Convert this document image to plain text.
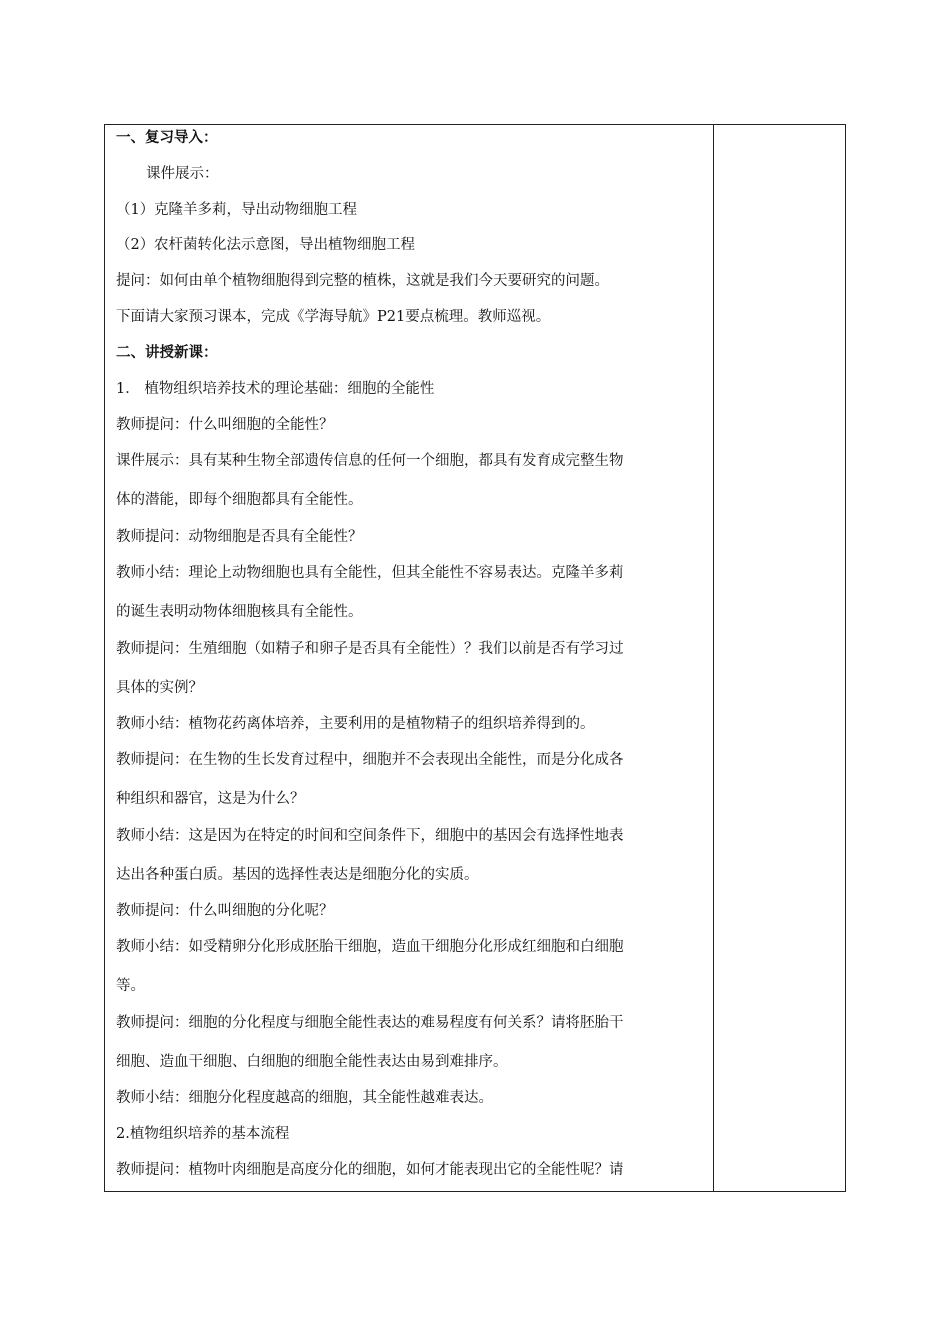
一、复习导入：
课件展示：
（1）克隆羊多莉，导出动物细胞工程
（2）农杆菌转化法示意图，导出植物细胞工程
提问：如何由单个植物细胞得到完整的植株，这就是我们今天要研究的问题。
下面请大家预习课本，完成《学海导航》P21要点梳理。教师巡视。
二、讲授新课：
1． 植物组织培养技术的理论基础：细胞的全能性
教师提问：什么叫细胞的全能性？
课件展示：具有某种生物全部遗传信息的任何一个细胞，都具有发育成完整生物
体的潜能，即每个细胞都具有全能性。
教师提问：动物细胞是否具有全能性？
教师小结：理论上动物细胞也具有全能性，但其全能性不容易表达。克隆羊多莉
的诞生表明动物体细胞核具有全能性。
教师提问：生殖细胞（如精子和卵子是否具有全能性）？我们以前是否有学习过
具体的实例？
教师小结：植物花药离体培养，主要利用的是植物精子的组织培养得到的。
教师提问：在生物的生长发育过程中，细胞并不会表现出全能性，而是分化成各
种组织和器官，这是为什么？
教师小结：这是因为在特定的时间和空间条件下，细胞中的基因会有选择性地表
达出各种蛋白质。基因的选择性表达是细胞分化的实质。
教师提问：什么叫细胞的分化呢？
教师小结：如受精卵分化形成胚胎干细胞，造血干细胞分化形成红细胞和白细胞
等。
教师提问：细胞的分化程度与细胞全能性表达的难易程度有何关系？请将胚胎干
细胞、造血干细胞、白细胞的细胞全能性表达由易到难排序。
教师小结：细胞分化程度越高的细胞，其全能性越难表达。
2.植物组织培养的基本流程
教师提问：植物叶肉细胞是高度分化的细胞，如何才能表现出它的全能性呢？请
